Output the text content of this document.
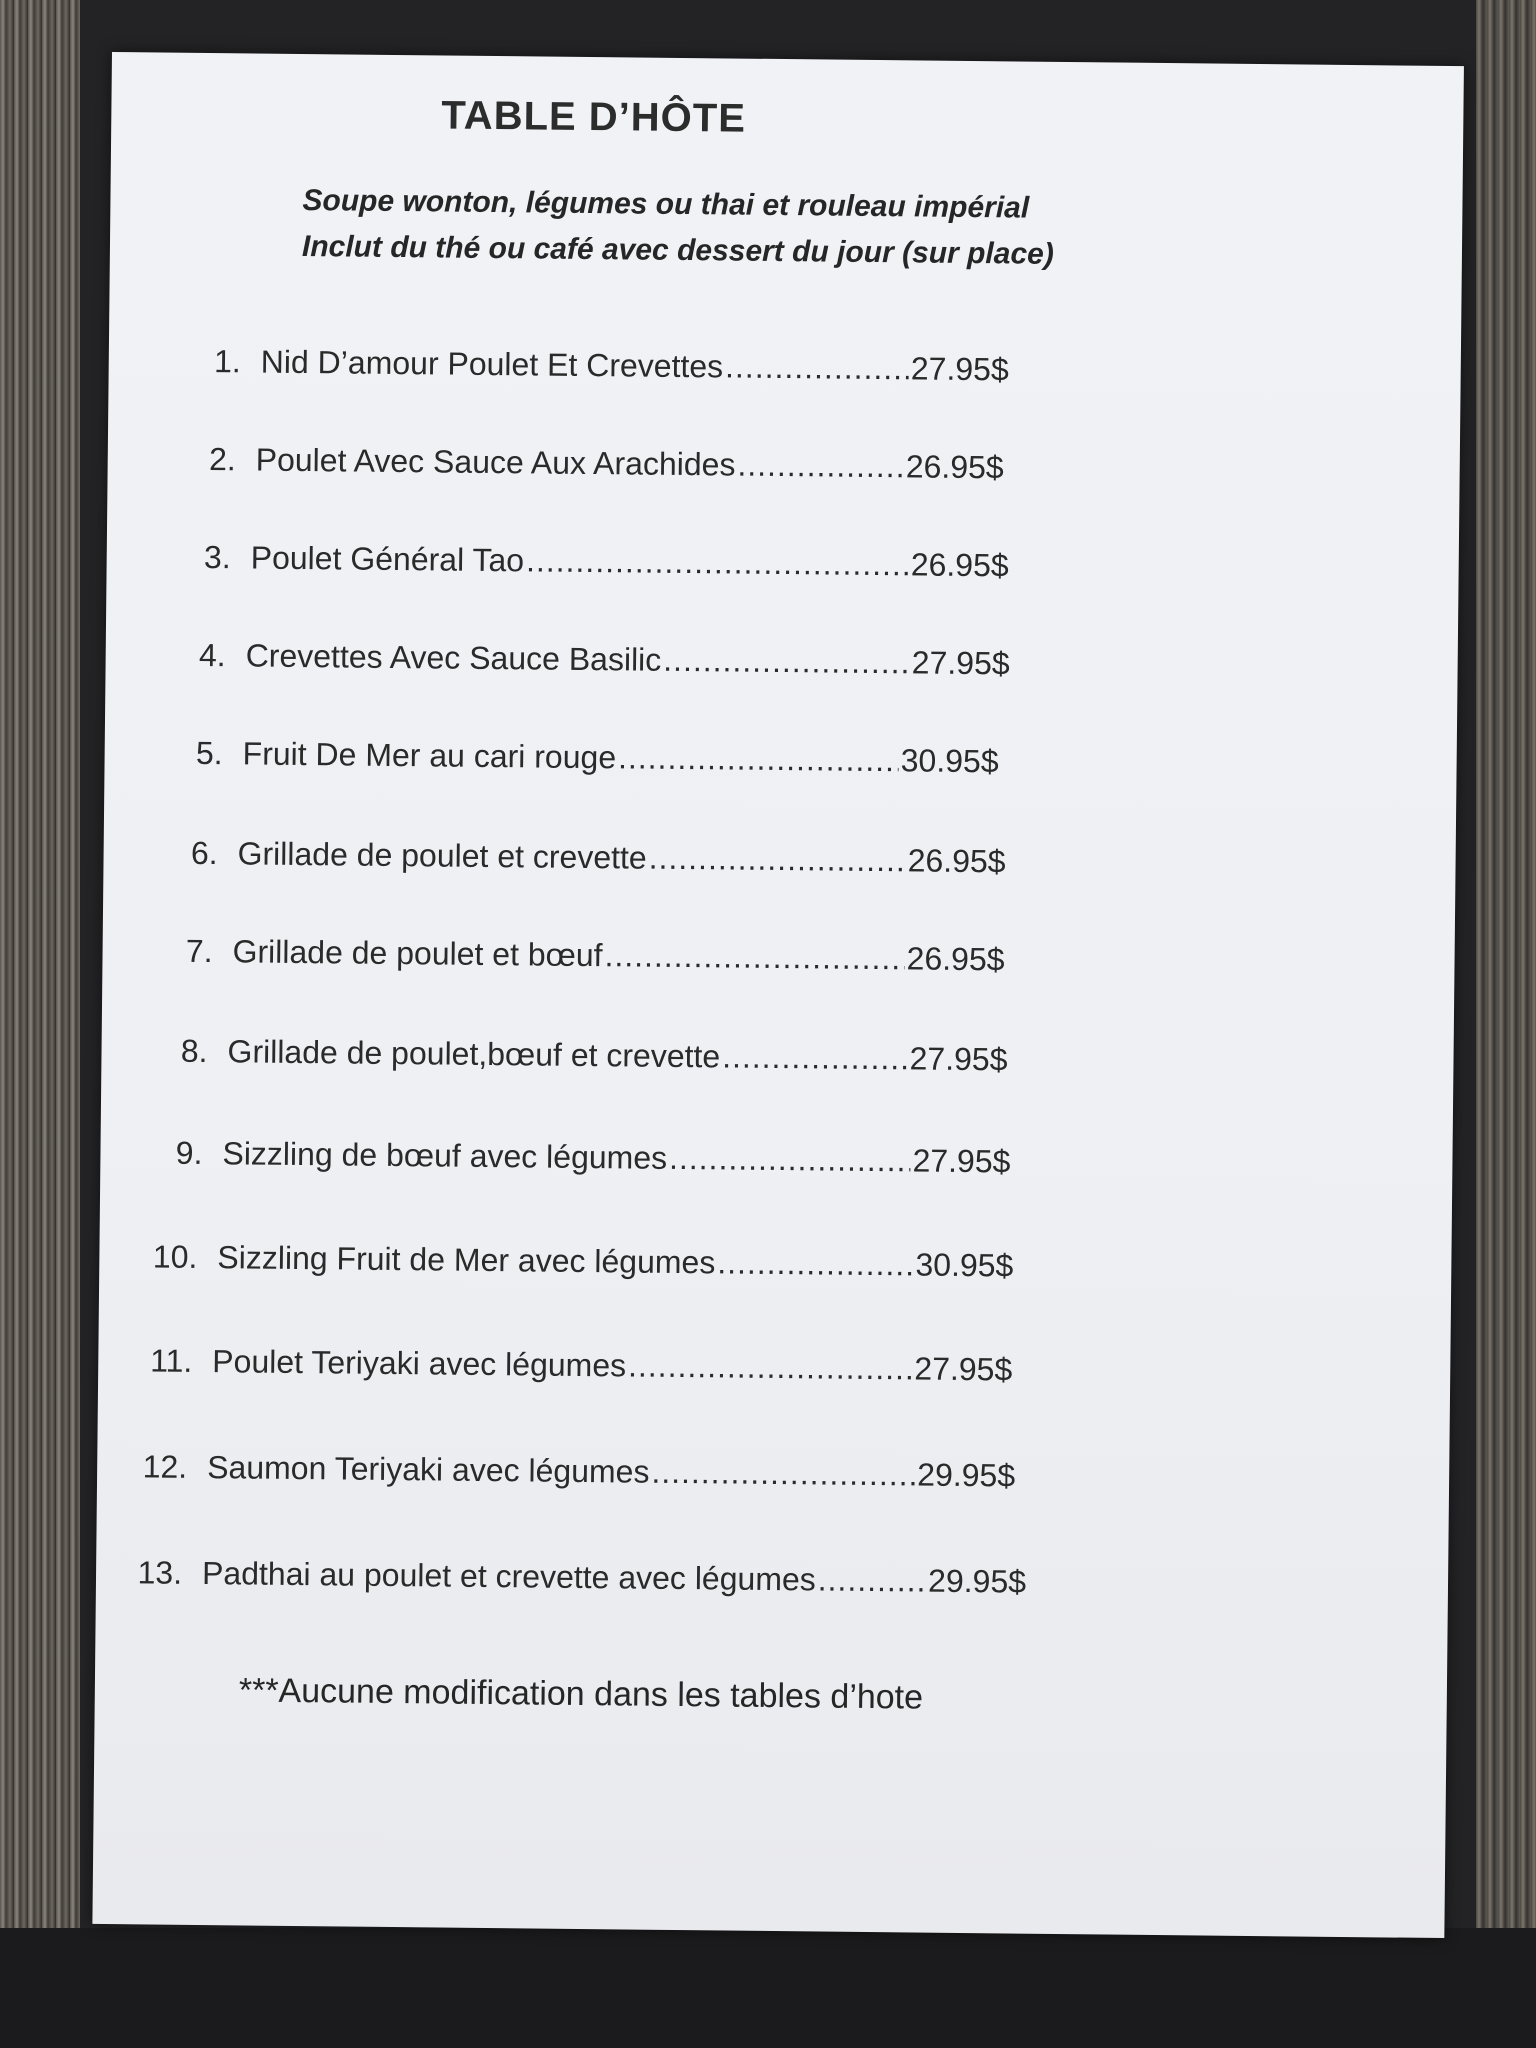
TABLE D’HÔTE
Soupe wonton, légumes ou thai et rouleau impérial
Inclut du thé ou café avec dessert du jour (sur place)
1. Nid D’amour Poulet Et Crevettes .....	27.95$
2. Poulet Avec Sauce Aux Arachides .....	26.95$
3. Poulet Général Tao .....	26.95$
4. Crevettes Avec Sauce Basilic .....	27.95$
5. Fruit De Mer au cari rouge .....	30.95$
6. Grillade de poulet et crevette .....	26.95$
7. Grillade de poulet et bœuf .....	26.95$
8. Grillade de poulet,bœuf et crevette .....	27.95$
9. Sizzling de bœuf avec légumes .....	27.95$
10. Sizzling Fruit de Mer avec légumes .....	30.95$
11. Poulet Teriyaki avec légumes .....	27.95$
12. Saumon Teriyaki avec légumes .....	29.95$
13. Padthai au poulet et crevette avec légumes .....	29.95$
***Aucune modification dans les tables d’hote
